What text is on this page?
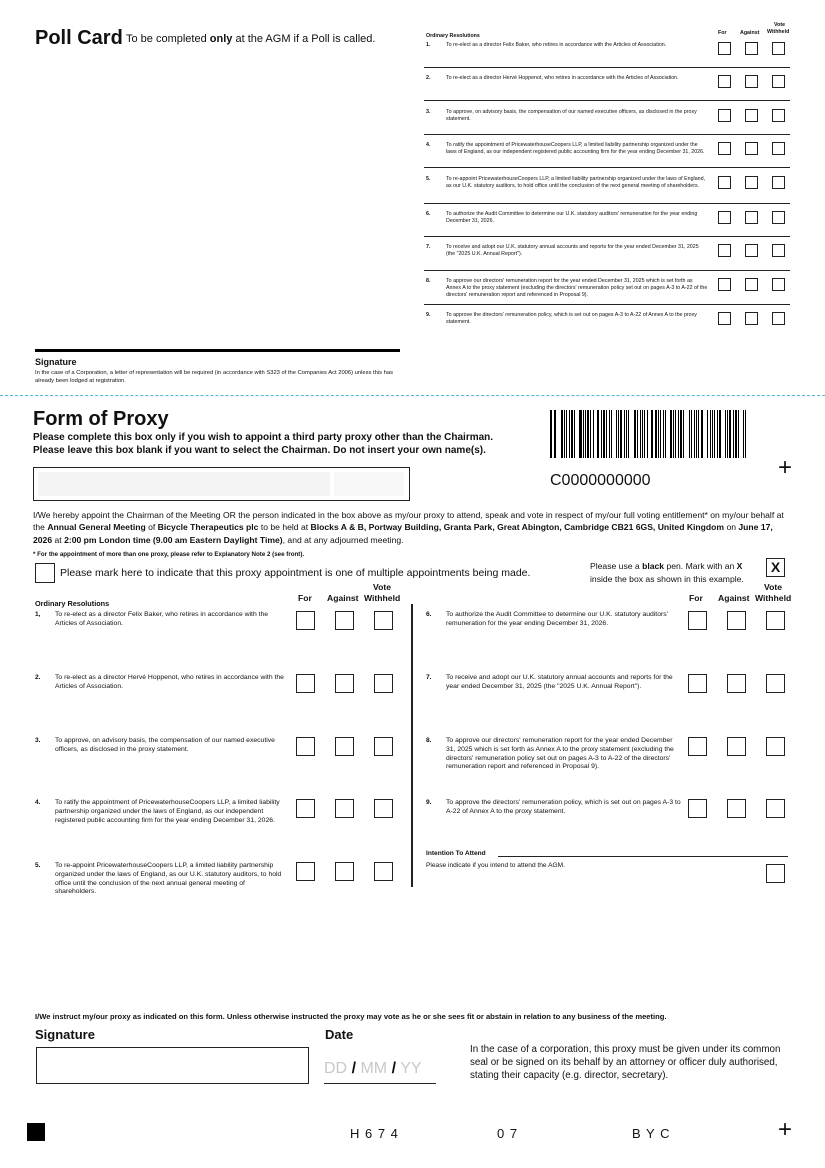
Poll Card To be completed only at the AGM if a Poll is called.	Ordinary Resolutions	For	Against
Vote
Withheld
1.	To re-elect as a director Felix Baker, who retires in accordance with the Articles of Association.
2.	To re-elect as a director Hervé Hoppenot, who retires in accordance with the Articles of Association.
3.	To approve, on advisory basis, the compensation of our named executive officers, as disclosed in the proxy statement.
4.	To ratify the appointment of PricewaterhouseCoopers LLP, a limited liability partnership organized under the laws of England, as our independent registered public accounting firm for the year ending December 31, 2026.
5.	To re-appoint PricewaterhouseCoopers LLP, a limited liability partnership organized under the laws of England, as our U.K. statutory auditors, to hold office until the conclusion of the next general meeting of shareholders.
6.	To authorize the Audit Committee to determine our U.K. statutory auditors' remuneration for the year ending December 31, 2026.
7.	To receive and adopt our U.K. statutory annual accounts and reports for the year ended December 31, 2025 (the "2025 U.K. Annual Report").
8.	To approve our directors' remuneration report for the year ended December 31, 2025 which is set forth as Annex A to the proxy statement (excluding the directors' remuneration policy set out on pages A-3 to A-22 of the directors' remuneration report and referenced in Proposal 9).
9.	To approve the directors' remuneration policy, which is set out on pages A-3 to A-22 of Annex A to the proxy statement.
Signature
In the case of a Corporation, a letter of representation will be required (in accordance with S323 of the Companies Act 2006) unless this has already been lodged at registration.
Form of Proxy
Please complete this box only if you wish to appoint a third party proxy other than the Chairman.
Please leave this box blank if you want to select the Chairman. Do not insert your own name(s).
C0000000000	+
I/We hereby appoint the Chairman of the Meeting OR the person indicated in the box above as my/our proxy to attend, speak and vote in respect of my/our full voting entitlement* on my/our behalf at the Annual General Meeting of Bicycle Therapeutics plc to be held at Blocks A & B, Portway Building, Granta Park, Great Abington, Cambridge CB21 6GS, United Kingdom on June 17, 2026 at 2:00 pm London time (9.00 am Eastern Daylight Time), and at any adjourned meeting.
* For the appointment of more than one proxy, please refer to Explanatory Note 2 (see front).
Please mark here to indicate that this proxy appointment is one of multiple appointments being made.
Please use a black pen. Mark with an X
inside the box as shown in this example.
X
Ordinary Resolutions
For Against
Vote
Withheld	For Against
Vote
Withheld
1, To re-elect as a director Felix Baker, who retires in accordance with the Articles of Association.
2. To re-elect as a director Hervé Hoppenot, who retires in accordance with the Articles of Association.
3. To approve, on advisory basis, the compensation of our named executive officers, as disclosed in the proxy statement.
4. To ratify the appointment of PricewaterhouseCoopers LLP, a limited liability partnership organized under the laws of England, as our independent registered public accounting firm for the year ending December 31, 2026.
5. To re-appoint PricewaterhouseCoopers LLP, a limited liability partnership organized under the laws of England, as our U.K. statutory auditors, to hold office until the conclusion of the next annual general meeting of shareholders.
6. To authorize the Audit Committee to determine our U.K. statutory auditors' remuneration for the year ending December 31, 2026.
7. To receive and adopt our U.K. statutory annual accounts and reports for the year ended December 31, 2025 (the "2025 U.K. Annual Report").
8. To approve our directors' remuneration report for the year ended December 31, 2025 which is set forth as Annex A to the proxy statement (excluding the directors' remuneration policy set out on pages A-3 to A-22 of the directors' remuneration report and referenced in Proposal 9).
9. To approve the directors' remuneration policy, which is set out on pages A-3 to A-22 of Annex A to the proxy statement.
Intention To Attend
Please indicate if you intend to attend the AGM.
I/We instruct my/our proxy as indicated on this form. Unless otherwise instructed the proxy may vote as he or she sees fit or abstain in relation to any business of the meeting.
Signature	Date
DD / MM / YY
In the case of a corporation, this proxy must be given under its common seal or be signed on its behalf by an attorney or officer duly authorised, stating their capacity (e.g. director, secretary).
H 6 7 4	0 7	B Y C	+
